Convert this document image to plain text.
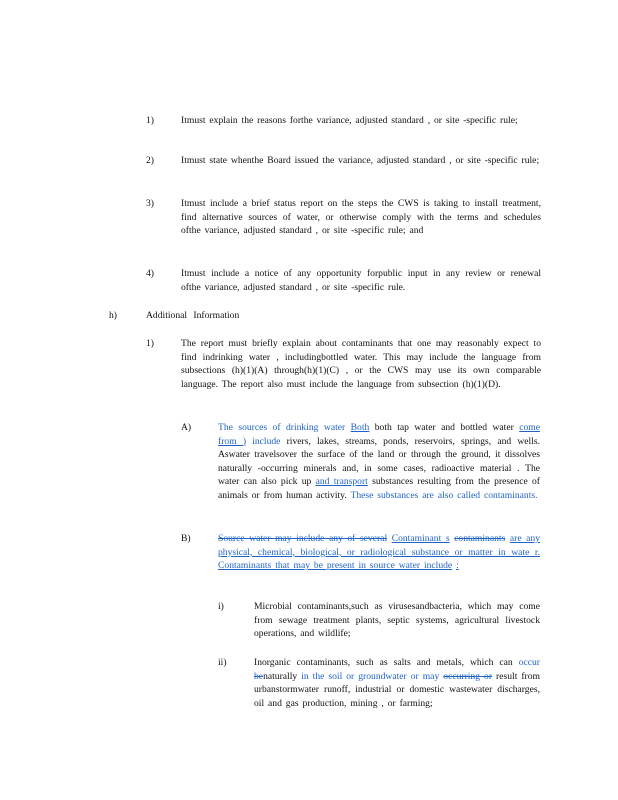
1)	Itmust explain the reasons forthe variance, adjusted standard , or site -specific rule;
2)	Itmust state whenthe Board issued the variance, adjusted standard , or site -specific rule;
3)	Itmust include a brief status report on the steps the CWS is taking to install treatment, find alternative sources of water, or otherwise comply with the terms and schedules ofthe variance, adjusted standard , or site -specific rule; and
4)	Itmust include a notice of any opportunity forpublic input in any review or renewal ofthe variance, adjusted standard , or site -specific rule.
h)	Additional Information
1)	The report must briefly explain about contaminants that one may reasonably expect to find indrinking water , includingbottled water. This may include the language from subsections (h)(1)(A) through(h)(1)(C) , or the CWS may use its own comparable language. The report also must include the language from subsection (h)(1)(D).
A)	The sources of drinking water Both both tap water and bottled water come from ) include rivers, lakes, streams, ponds, reservoirs, springs, and wells. Aswater travelsover the surface of the land or through the ground, it dissolves naturally -occurring minerals and, in some cases, radioactive material . The water can also pick up and transport substances resulting from the presence of animals or from human activity. These substances are also called contaminants.
B)	Source water may include any of several Contaminant s contaminants are any physical, chemical, biological, or radiological substance or matter in wate r. Contaminants that may be present in source water include :
i)	Microbial contaminants,such as virusesandbacteria, which may come from sewage treatment plants, septic systems, agricultural livestock operations, and wildlife;
ii)	Inorganic contaminants, such as salts and metals, which can occur benaturally in the soil or groundwater or may occurring or result from urbanstormwater runoff, industrial or domestic wastewater discharges, oil and gas production, mining , or farming;
